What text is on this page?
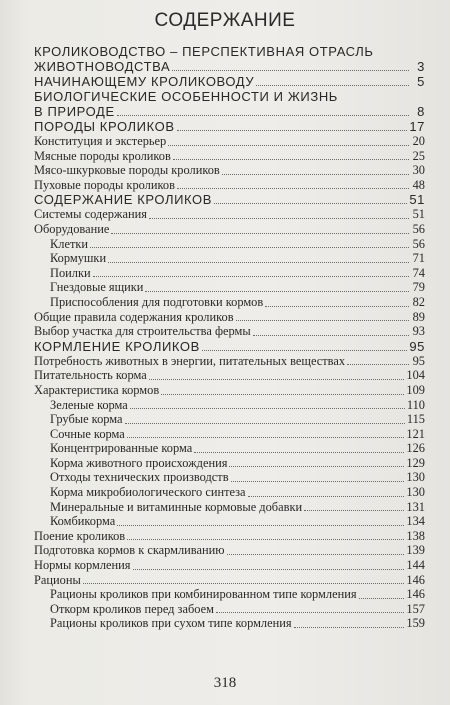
СОДЕРЖАНИЕ
КРОЛИКОВОДСТВО – ПЕРСПЕКТИВНАЯ ОТРАСЛЬ
ЖИВОТНОВОДСТВА	3
НАЧИНАЮЩЕМУ КРОЛИКОВОДУ	5
БИОЛОГИЧЕСКИЕ ОСОБЕННОСТИ И ЖИЗНЬ
В ПРИРОДЕ	8
ПОРОДЫ КРОЛИКОВ	17
Конституция и экстерьер	20
Мясные породы кроликов	25
Мясо-шкурковые породы кроликов	30
Пуховые породы кроликов	48
СОДЕРЖАНИЕ КРОЛИКОВ	51
Системы содержания	51
Оборудование	56
Клетки	56
Кормушки	71
Поилки	74
Гнездовые ящики	79
Приспособления для подготовки кормов	82
Общие правила содержания кроликов	89
Выбор участка для строительства фермы	93
КОРМЛЕНИЕ КРОЛИКОВ	95
Потребность животных в энергии, питательных веществах	95
Питательность корма	104
Характеристика кормов	109
Зеленые корма	110
Грубые корма	115
Сочные корма	121
Концентрированные корма	126
Корма животного происхождения	129
Отходы технических производств	130
Корма микробиологического синтеза	130
Минеральные и витаминные кормовые добавки	131
Комбикорма	134
Поение кроликов	138
Подготовка кормов к скармливанию	139
Нормы кормления	144
Рационы	146
Рационы кроликов при комбинированном типе кормления	146
Откорм кроликов перед забоем	157
Рационы кроликов при сухом типе кормления	159
318
